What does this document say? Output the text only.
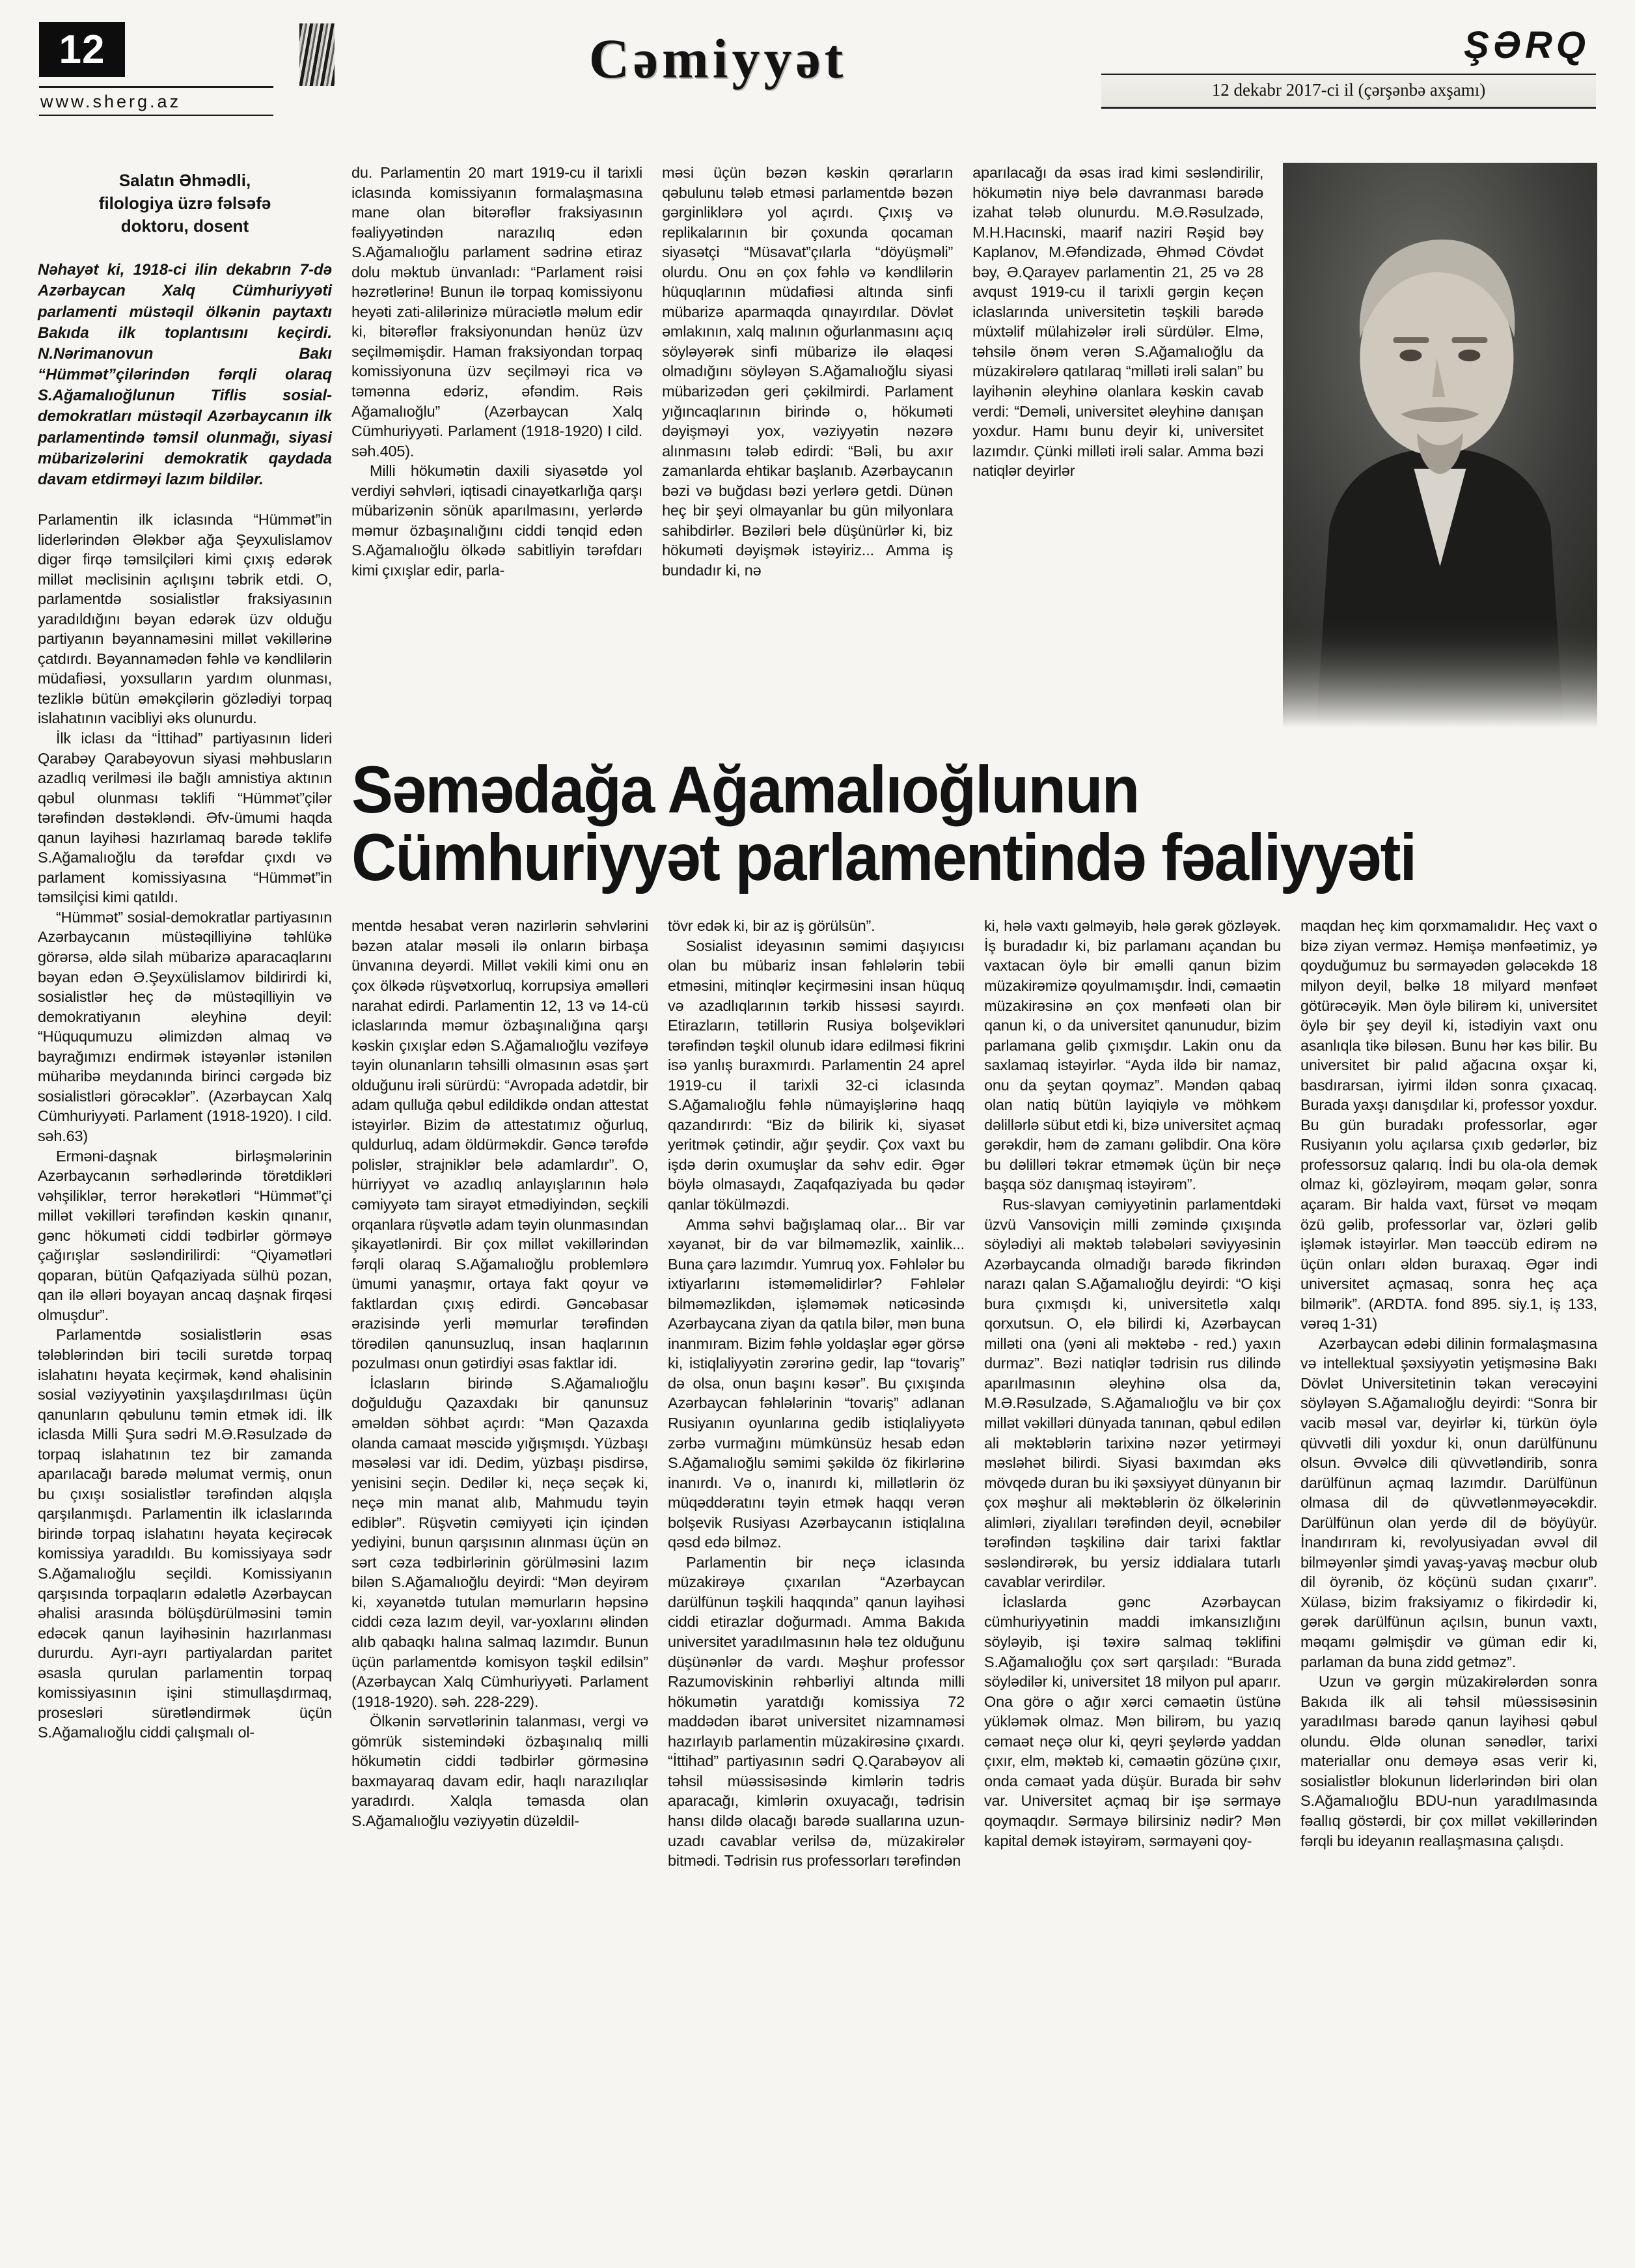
12
www.sherg.az
Cəmiyyət	ŞƏRQ
12 dekabr 2017-ci il (çərşənbə axşamı)
Salatın Əhmədli,
filologiya üzrə fəlsəfə
doktoru, dosent

Nəhayət ki, 1918-ci ilin dekabrın 7-də Azərbaycan Xalq Cümhuriyyəti parlamenti müstəqil ölkənin paytaxtı Bakıda ilk toplantısını keçirdi. N.Nərimanovun Bakı “Hümmət”çilərindən fərqli olaraq S.Ağamalıoğlunun Tiflis sosial-demokratları müstəqil Azərbaycanın ilk parlamentində təmsil olunmağı, siyasi mübarizələrini demokratik qaydada davam etdirməyi lazım bildilər.

Parlamentin ilk iclasında “Hümmət”in liderlərindən Ələkbər ağa Şeyxulislamov digər firqə təmsilçiləri kimi çıxış edərək millət məclisinin açılışını təbrik etdi. O, parlamentdə sosialistlər fraksiyasının yaradıldığını bəyan edərək üzv olduğu partiyanın bəyannaməsini millət vəkillərinə çatdırdı. Bəyannamədən fəhlə və kəndlilərin müdafiəsi, yoxsulların yardım olunması, tezliklə bütün əməkçilərin gözlədiyi torpaq islahatının vacibliyi əks olunurdu.

İlk iclası da “İttihad” partiyasının lideri Qarabəy Qarabəyovun siyasi məhbusların azadlıq verilməsi ilə bağlı amnistiya aktının qəbul olunması təklifi “Hümmət”çilər tərəfindən dəstəkləndi. Əfv-ümumi haqda qanun layihəsi hazırlamaq barədə təklifə S.Ağamalıoğlu da tərəfdar çıxdı və parlament komissiyasına “Hümmət”in təmsilçisi kimi qatıldı.

“Hümmət” sosial-demokratlar partiyasının Azərbaycanın müstəqilliyinə təhlükə görərsə, əldə silah mübarizə aparacaqlarını bəyan edən Ə.Şeyxülislamov bildirirdi ki, sosialistlər heç də müstəqilliyin və demokratiyanın əleyhinə deyil: “Hüququmuzu əlimizdən almaq və bayrağımızı endirmək istəyənlər istənilən müharibə meydanında birinci cərgədə biz sosialistləri görəcəklər”. (Azərbaycan Xalq Cümhuriyyəti. Parlament (1918-1920). I cild. səh.63)

Erməni-daşnak birləşmələrinin Azərbaycanın sərhədlərində törətdikləri vəhşiliklər, terror hərəkətləri “Hümmət”çi millət vəkilləri tərəfindən kəskin qınanır, gənc hökuməti ciddi tədbirlər görməyə çağırışlar səsləndirilirdi: “Qiyamətləri qoparan, bütün Qafqaziyada sülhü pozan, qan ilə əlləri boyayan ancaq daşnak firqəsi olmuşdur”.

Parlamentdə sosialistlərin əsas tələblərindən biri təcili surətdə torpaq islahatını həyata keçirmək, kənd əhalisinin sosial vəziyyətinin yaxşılaşdırılması üçün qanunların qəbulunu təmin etmək idi. İlk iclasda Milli Şura sədri M.Ə.Rəsulzadə də torpaq islahatının tez bir zamanda aparılacağı barədə məlumat vermiş, onun bu çıxışı sosialistlər tərəfindən alqışla qarşılanmışdı. Parlamentin ilk iclaslarında birində torpaq islahatını həyata keçirəcək komissiya yaradıldı. Bu komissiyaya sədr S.Ağamalıoğlu seçildi. Komissiyanın qarşısında torpaqların ədalətlə Azərbaycan əhalisi arasında bölüşdürülməsini təmin edəcək qanun layihəsinin hazırlanması dururdu. Ayrı-ayrı partiyalardan paritet əsasla qurulan parlamentin torpaq komissiyasının işini stimullaşdırmaq, prosesləri sürətləndirmək üçün S.Ağamalıoğlu ciddi çalışmalı ol-

du. Parlamentin 20 mart 1919-cu il tarixli iclasında komissiyanın formalaşmasına mane olan bitərəflər fraksiyasının fəaliyyətindən narazılıq edən S.Ağamalıoğlu parlament sədrinə etiraz dolu məktub ünvanladı: “Parlament rəisi həzrətlərinə! Bunun ilə torpaq komissiyonu heyəti zati-alilərinizə müraciətlə məlum edir ki, bitərəflər fraksiyonundan hənüz üzv seçilməmişdir. Haman fraksiyondan torpaq komissiyonuna üzv seçilməyi rica və təmənna edəriz, əfəndim. Rəis Ağamalıoğlu” (Azərbaycan Xalq Cümhuriyyəti. Parlament (1918-1920) I cild. səh.405).

Milli hökumətin daxili siyasətdə yol verdiyi səhvləri, iqtisadi cinayətkarlığa qarşı mübarizənin sönük aparılmasını, yerlərdə məmur özbaşınalığını ciddi tənqid edən S.Ağamalıoğlu ölkədə sabitliyin tərəfdarı kimi çıxışlar edir, parla-

məsi üçün bəzən kəskin qərarların qəbulunu tələb etməsi parlamentdə bəzən gərginliklərə yol açırdı. Çıxış və replikalarının bir çoxunda qocaman siyasətçi “Müsavat”çılarla “döyüşməli” olurdu. Onu ən çox fəhlə və kəndlilərin hüquqlarının müdafiəsi altında sinfi mübarizə aparmaqda qınayırdılar. Dövlət əmlakının, xalq malının oğurlanmasını açıq söyləyərək sinfi mübarizə ilə əlaqəsi olmadığını söyləyən S.Ağamalıoğlu siyasi mübarizədən geri çəkilmirdi. Parlament yığıncaqlarının birində o, hökuməti dəyişməyi yox, vəziyyətin nəzərə alınmasını tələb edirdi: “Bəli, bu axır zamanlarda ehtikar başlanıb. Azərbaycanın bəzi və buğdası bəzi yerlərə getdi. Dünən heç bir şeyi olmayanlar bu gün milyonlara sahibdirlər. Bəziləri belə düşünürlər ki, biz hökuməti dəyişmək istəyiriz... Amma iş bundadır ki, nə

aparılacağı da əsas irad kimi səsləndirilir, hökumətin niyə belə davranması barədə izahat tələb olunurdu. M.Ə.Rəsulzadə, M.H.Hacınski, maarif naziri Rəşid bəy Kaplanov, M.Əfəndizadə, Əhməd Cövdət bəy, Ə.Qarayev parlamentin 21, 25 və 28 avqust 1919-cu il tarixli gərgin keçən iclaslarında universitetin təşkili barədə müxtəlif mülahizələr irəli sürdülər. Elmə, təhsilə önəm verən S.Ağamalıoğlu da müzakirələrə qatılaraq “milləti irəli salan” bu layihənin əleyhinə olanlara kəskin cavab verdi: “Deməli, universitet əleyhinə danışan yoxdur. Hamı bunu deyir ki, universitet lazımdır. Çünki milləti irəli salar. Amma bəzi natiqlər deyirlər

Səmədağa Ağamalıoğlunun
Cümhuriyyət parlamentində fəaliyyəti

mentdə hesabat verən nazirlərin səhvlərini bəzən atalar məsəli ilə onların birbaşa ünvanına deyərdi. Millət vəkili kimi onu ən çox ölkədə rüşvətxorluq, korrupsiya əməlləri narahat edirdi. Parlamentin 12, 13 və 14-cü iclaslarında məmur özbaşınalığına qarşı kəskin çıxışlar edən S.Ağamalıoğlu vəzifəyə təyin olunanların təhsilli olmasının əsas şərt olduğunu irəli sürürdü: “Avropada adətdir, bir adam qulluğa qəbul edildikdə ondan attestat istəyirlər. Bizim də attestatımız oğurluq, quldurluq, adam öldürməkdir. Gəncə tərəfdə polislər, strajniklər belə adamlardır”. O, hürriyyət və azadlıq anlayışlarının hələ cəmiyyətə tam sirayət etmədiyindən, seçkili orqanlara rüşvətlə adam təyin olunmasından şikayətlənirdi. Bir çox millət vəkillərindən fərqli olaraq S.Ağamalıoğlu problemlərə ümumi yanaşmır, ortaya fakt qoyur və faktlardan çıxış edirdi. Gəncəbasar ərazisində yerli məmurlar tərəfindən törədilən qanunsuzluq, insan haqlarının pozulması onun gətirdiyi əsas faktlar idi.

İclasların birində S.Ağamalıoğlu doğulduğu Qazaxdakı bir qanunsuz əməldən söhbət açırdı: “Mən Qazaxda olanda camaat məscidə yığışmışdı. Yüzbaşı məsələsi var idi. Dedim, yüzbaşı pisdirsə, yenisini seçin. Dedilər ki, neçə seçək ki, neçə min manat alıb, Mahmudu təyin ediblər”. Rüşvətin cəmiyyəti için içindən yediyini, bunun qarşısının alınması üçün ən sərt cəza tədbirlərinin görülməsini lazım bilən S.Ağamalıoğlu deyirdi: “Mən deyirəm ki, xəyanətdə tutulan məmurların həpsinə ciddi cəza lazım deyil, var-yoxlarını əlindən alıb qabaqkı halına salmaq lazımdır. Bunun üçün parlamentdə komisyon təşkil edilsin” (Azərbaycan Xalq Cümhuriyyəti. Parlament (1918-1920). səh. 228-229).

Ölkənin sərvətlərinin talanması, vergi və gömrük sistemindəki özbaşınalıq milli hökumətin ciddi tədbirlər görməsinə baxmayaraq davam edir, haqlı narazılıqlar yaradırdı. Xalqla təmasda olan S.Ağamalıoğlu vəziyyətin düzəldil-

tövr edək ki, bir az iş görülsün”.

Sosialist ideyasının səmimi daşıyıcısı olan bu mübariz insan fəhlələrin təbii etməsini, mitinqlər keçirməsini insan hüquq və azadlıqlarının tərkib hissəsi sayırdı. Etirazların, tətillərin Rusiya bolşevikləri tərəfindən təşkil olunub idarə edilməsi fikrini isə yanlış buraxmırdı. Parlamentin 24 aprel 1919-cu il tarixli 32-ci iclasında S.Ağamalıoğlu fəhlə nümayişlərinə haqq qazandırırdı: “Biz də bilirik ki, siyasət yeritmək çətindir, ağır şeydir. Çox vaxt bu işdə dərin oxumuşlar da səhv edir. Əgər böylə olmasaydı, Zaqafqaziyada bu qədər qanlar tökülməzdi.

Amma səhvi bağışlamaq olar... Bir var xəyanət, bir də var bilməməzlik, xainlik... Buna çarə lazımdır. Yumruq yox. Fəhlələr bu ixtiyarlarını istəməməlidirlər? Fəhlələr bilməməzlikdən, işləməmək nəticəsində Azərbaycana ziyan da qatıla bilər, mən buna inanmıram. Bizim fəhlə yoldaşlar əgər görsə ki, istiqlaliyyətin zərərinə gedir, lap “tovariş” də olsa, onun başını kəsər”. Bu çıxışında Azərbaycan fəhlələrinin “tovariş” adlanan Rusiyanın oyunlarına gedib istiqlaliyyətə zərbə vurmağını mümkünsüz hesab edən S.Ağamalıoğlu səmimi şəkildə öz fikirlərinə inanırdı. Və o, inanırdı ki, millətlərin öz müqəddəratını təyin etmək haqqı verən bolşevik Rusiyası Azərbaycanın istiqlalına qəsd edə bilməz.

Parlamentin bir neçə iclasında müzakirəyə çıxarılan “Azərbaycan darülfünun təşkili haqqında” qanun layihəsi ciddi etirazlar doğurmadı. Amma Bakıda universitet yaradılmasının hələ tez olduğunu düşünənlər də vardı. Məşhur professor Razumoviskinin rəhbərliyi altında milli hökumətin yaratdığı komissiya 72 maddədən ibarət universitet nizamnaməsi hazırlayıb parlamentin müzakirəsinə çıxardı. “İttihad” partiyasının sədri Q.Qarabəyov ali təhsil müəssisəsində kimlərin tədris aparacağı, kimlərin oxuyacağı, tədrisin hansı dildə olacağı barədə suallarına uzun-uzadı cavablar verilsə də, müzakirələr bitmədi. Tədrisin rus professorları tərəfindən

ki, hələ vaxtı gəlməyib, hələ gərək gözləyək. İş buradadır ki, biz parlamanı açandan bu vaxtacan öylə bir əməlli qanun bizim müzakirəmizə qoyulmamışdır. İndi, cəmaətin müzakirəsinə ən çox mənfəəti olan bir qanun ki, o da universitet qanunudur, bizim parlamana gəlib çıxmışdır. Lakin onu da saxlamaq istəyirlər. “Ayda ildə bir namaz, onu da şeytan qoymaz”. Məndən qabaq olan natiq bütün layiqiylə və möhkəm dəlillərlə sübut etdi ki, bizə universitet açmaq gərəkdir, həm də zamanı gəlibdir. Ona körə bu dəlilləri təkrar etməmək üçün bir neçə başqa söz danışmaq istəyirəm”.

Rus-slavyan cəmiyyətinin parlamentdəki üzvü Vansoviçin milli zəmində çıxışında söylədiyi ali məktəb tələbələri səviyyəsinin Azərbaycanda olmadığı barədə fikrindən narazı qalan S.Ağamalıoğlu deyirdi: “O kişi bura çıxmışdı ki, universitetlə xalqı qorxutsun. O, elə bilirdi ki, Azərbaycan milləti ona (yəni ali məktəbə - red.) yaxın durmaz”. Bəzi natiqlər tədrisin rus dilində aparılmasının əleyhinə olsa da, M.Ə.Rəsulzadə, S.Ağamalıoğlu və bir çox millət vəkilləri dünyada tanınan, qəbul edilən ali məktəblərin tarixinə nəzər yetirməyi məsləhət bilirdi. Siyasi baxımdan əks mövqedə duran bu iki şəxsiyyət dünyanın bir çox məşhur ali məktəblərin öz ölkələrinin alimləri, ziyalıları tərəfindən deyil, əcnəbilər tərəfindən təşkilinə dair tarixi faktlar səsləndirərək, bu yersiz iddialara tutarlı cavablar verirdilər.

İclaslarda gənc Azərbaycan cümhuriyyətinin maddi imkansızlığını söyləyib, işi təxirə salmaq təklifini S.Ağamalıoğlu çox sərt qarşıladı: “Burada söylədilər ki, universitet 18 milyon pul aparır. Ona görə o ağır xərci cəmaətin üstünə yükləmək olmaz. Mən bilirəm, bu yazıq cəmaət neçə olur ki, qeyri şeylərdə yaddan çıxır, elm, məktəb ki, cəmaətin gözünə çıxır, onda cəmaət yada düşür. Burada bir səhv var. Universitet açmaq bir işə sərmayə qoymaqdır. Sərmayə bilirsiniz nədir? Mən kapital demək istəyirəm, sərmayəni qoy-

maqdan heç kim qorxmamalıdır. Heç vaxt o bizə ziyan verməz. Həmişə mənfəətimiz, yə qoyduğumuz bu sərmayədən gələcəkdə 18 milyon deyil, bəlkə 18 milyard mənfəət götürəcəyik. Mən öylə bilirəm ki, universitet öylə bir şey deyil ki, istədiyin vaxt onu asanlıqla tikə biləsən. Bunu hər kəs bilir. Bu universitet bir palıd ağacına oxşar ki, basdırarsan, iyirmi ildən sonra çıxacaq. Burada yaxşı danışdılar ki, professor yoxdur. Bu gün buradakı professorlar, əgər Rusiyanın yolu açılarsa çıxıb gedərlər, biz professorsuz qalarıq. İndi bu ola-ola demək olmaz ki, gözləyirəm, məqam gələr, sonra açaram. Bir halda vaxt, fürsət və məqam özü gəlib, professorlar var, özləri gəlib işləmək istəyirlər. Mən təəccüb edirəm nə üçün onları əldən buraxaq. Əgər indi universitet açmasaq, sonra heç aça bilmərik”. (ARDTA. fond 895. siy.1, iş 133, vərəq 1-31)

Azərbaycan ədəbi dilinin formalaşmasına və intellektual şəxsiyyətin yetişməsinə Bakı Dövlət Universitetinin təkan verəcəyini söyləyən S.Ağamalıoğlu deyirdi: “Sonra bir vacib məsəl var, deyirlər ki, türkün öylə qüvvətli dili yoxdur ki, onun darülfünunu olsun. Əvvəlcə dili qüvvətləndirib, sonra darülfünun açmaq lazımdır. Darülfünun olmasa dil də qüvvətlənməyəcəkdir. Darülfünun olan yerdə dil də böyüyür. İnandırıram ki, revolyusiyadan əvvəl dil bilməyənlər şimdi yavaş-yavaş məcbur olub dil öyrənib, öz köçünü sudan çıxarır”. Xülasə, bizim fraksiyamız o fikirdədir ki, gərək darülfünun açılsın, bunun vaxtı, məqamı gəlmişdir və güman edir ki, parlaman da buna zidd getməz”.

Uzun və gərgin müzakirələrdən sonra Bakıda ilk ali təhsil müəssisəsinin yaradılması barədə qanun layihəsi qəbul olundu. Əldə olunan sənədlər, tarixi materiallar onu deməyə əsas verir ki, sosialistlər blokunun liderlərindən biri olan S.Ağamalıoğlu BDU-nun yaradılmasında fəallıq göstərdi, bir çox millət vəkillərindən fərqli bu ideyanın reallaşmasına çalışdı.
